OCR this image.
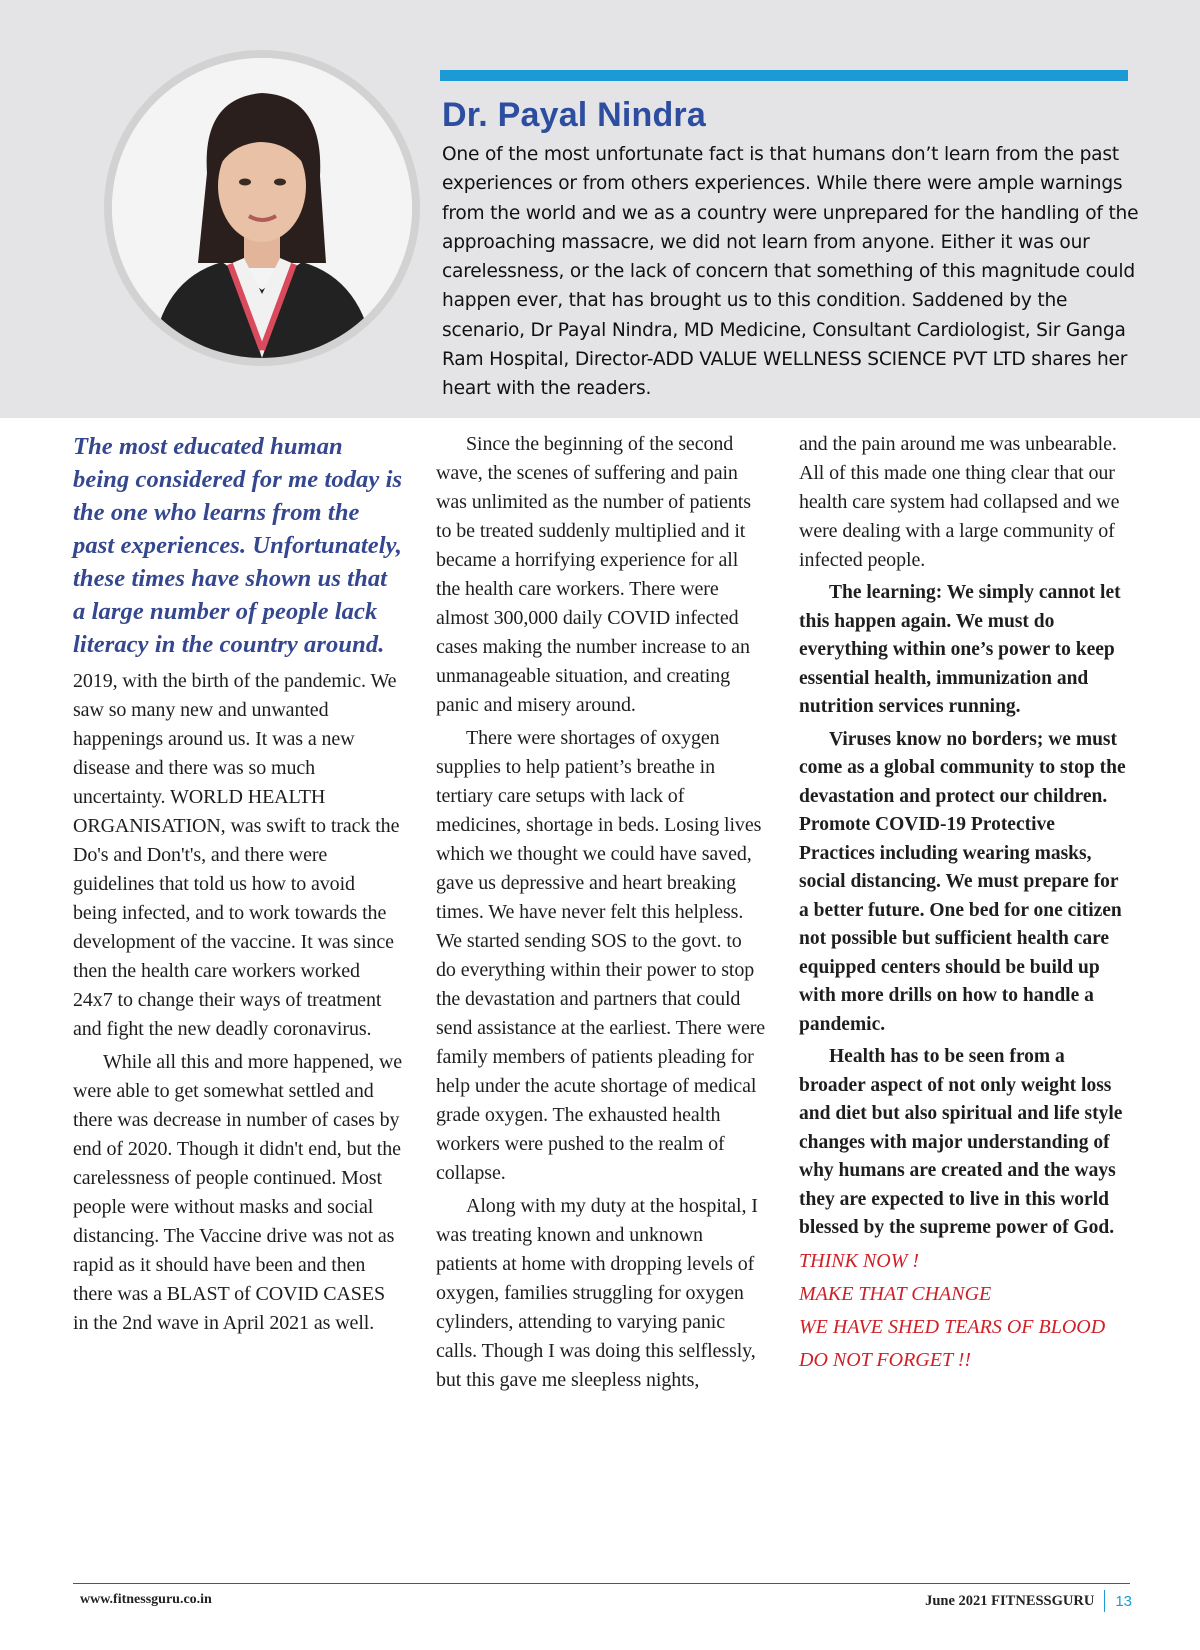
Dr. Payal Nindra

One of the most unfortunate fact is that humans don’t learn from the past experiences or from others experiences. While there were ample warnings from the world and we as a country were unprepared for the handling of the approaching massacre, we did not learn from anyone. Either it was our carelessness, or the lack of concern that something of this magnitude could happen ever, that has brought us to this condition. Saddened by the scenario, Dr Payal Nindra, MD Medicine, Consultant Cardiologist, Sir Ganga Ram Hospital, Director-ADD VALUE WELLNESS SCIENCE PVT LTD shares her heart with the readers.

The most educated human being considered for me today is the one who learns from the past experiences. Unfortunately, these times have shown us that a large number of people lack literacy in the country around.

2019, with the birth of the pandemic. We saw so many new and unwanted happenings around us. It was a new disease and there was so much uncertainty. WORLD HEALTH ORGANISATION, was swift to track the Do's and Don't's, and there were guidelines that told us how to avoid being infected, and to work towards the development of the vaccine. It was since then the health care workers worked 24x7 to change their ways of treatment and fight the new deadly coronavirus.

While all this and more happened, we were able to get somewhat settled and there was decrease in number of cases by end of 2020. Though it didn't end, but the carelessness of people continued. Most people were without masks and social distancing. The Vaccine drive was not as rapid as it should have been and then there was a BLAST of COVID CASES in the 2nd wave in April 2021 as well.

Since the beginning of the second wave, the scenes of suffering and pain was unlimited as the number of patients to be treated suddenly multiplied and it became a horrifying experience for all the health care workers. There were almost 300,000 daily COVID infected cases making the number increase to an unmanageable situation, and creating panic and misery around.

There were shortages of oxygen supplies to help patient’s breathe in tertiary care setups with lack of medicines, shortage in beds. Losing lives which we thought we could have saved, gave us depressive and heart breaking times. We have never felt this helpless. We started sending SOS to the govt. to do everything within their power to stop the devastation and partners that could send assistance at the earliest. There were family members of patients pleading for help under the acute shortage of medical grade oxygen. The exhausted health workers were pushed to the realm of collapse.

Along with my duty at the hospital, I was treating known and unknown patients at home with dropping levels of oxygen, families struggling for oxygen cylinders, attending to varying panic calls. Though I was doing this selflessly, but this gave me sleepless nights,

and the pain around me was unbearable. All of this made one thing clear that our health care system had collapsed and we were dealing with a large community of infected people.

The learning: We simply cannot let this happen again. We must do everything within one’s power to keep essential health, immunization and nutrition services running.

Viruses know no borders; we must come as a global community to stop the devastation and protect our children. Promote COVID-19 Protective Practices including wearing masks, social distancing. We must prepare for a better future. One bed for one citizen not possible but sufficient health care equipped centers should be build up with more drills on how to handle a pandemic.

Health has to be seen from a broader aspect of not only weight loss and diet but also spiritual and life style changes with major understanding of why humans are created and the ways they are expected to live in this world blessed by the supreme power of God.

THINK NOW !

MAKE THAT CHANGE

WE HAVE SHED TEARS OF BLOOD

DO NOT FORGET !!

www.fitnessguru.co.in	June 2021 FITNESSGURU 13
